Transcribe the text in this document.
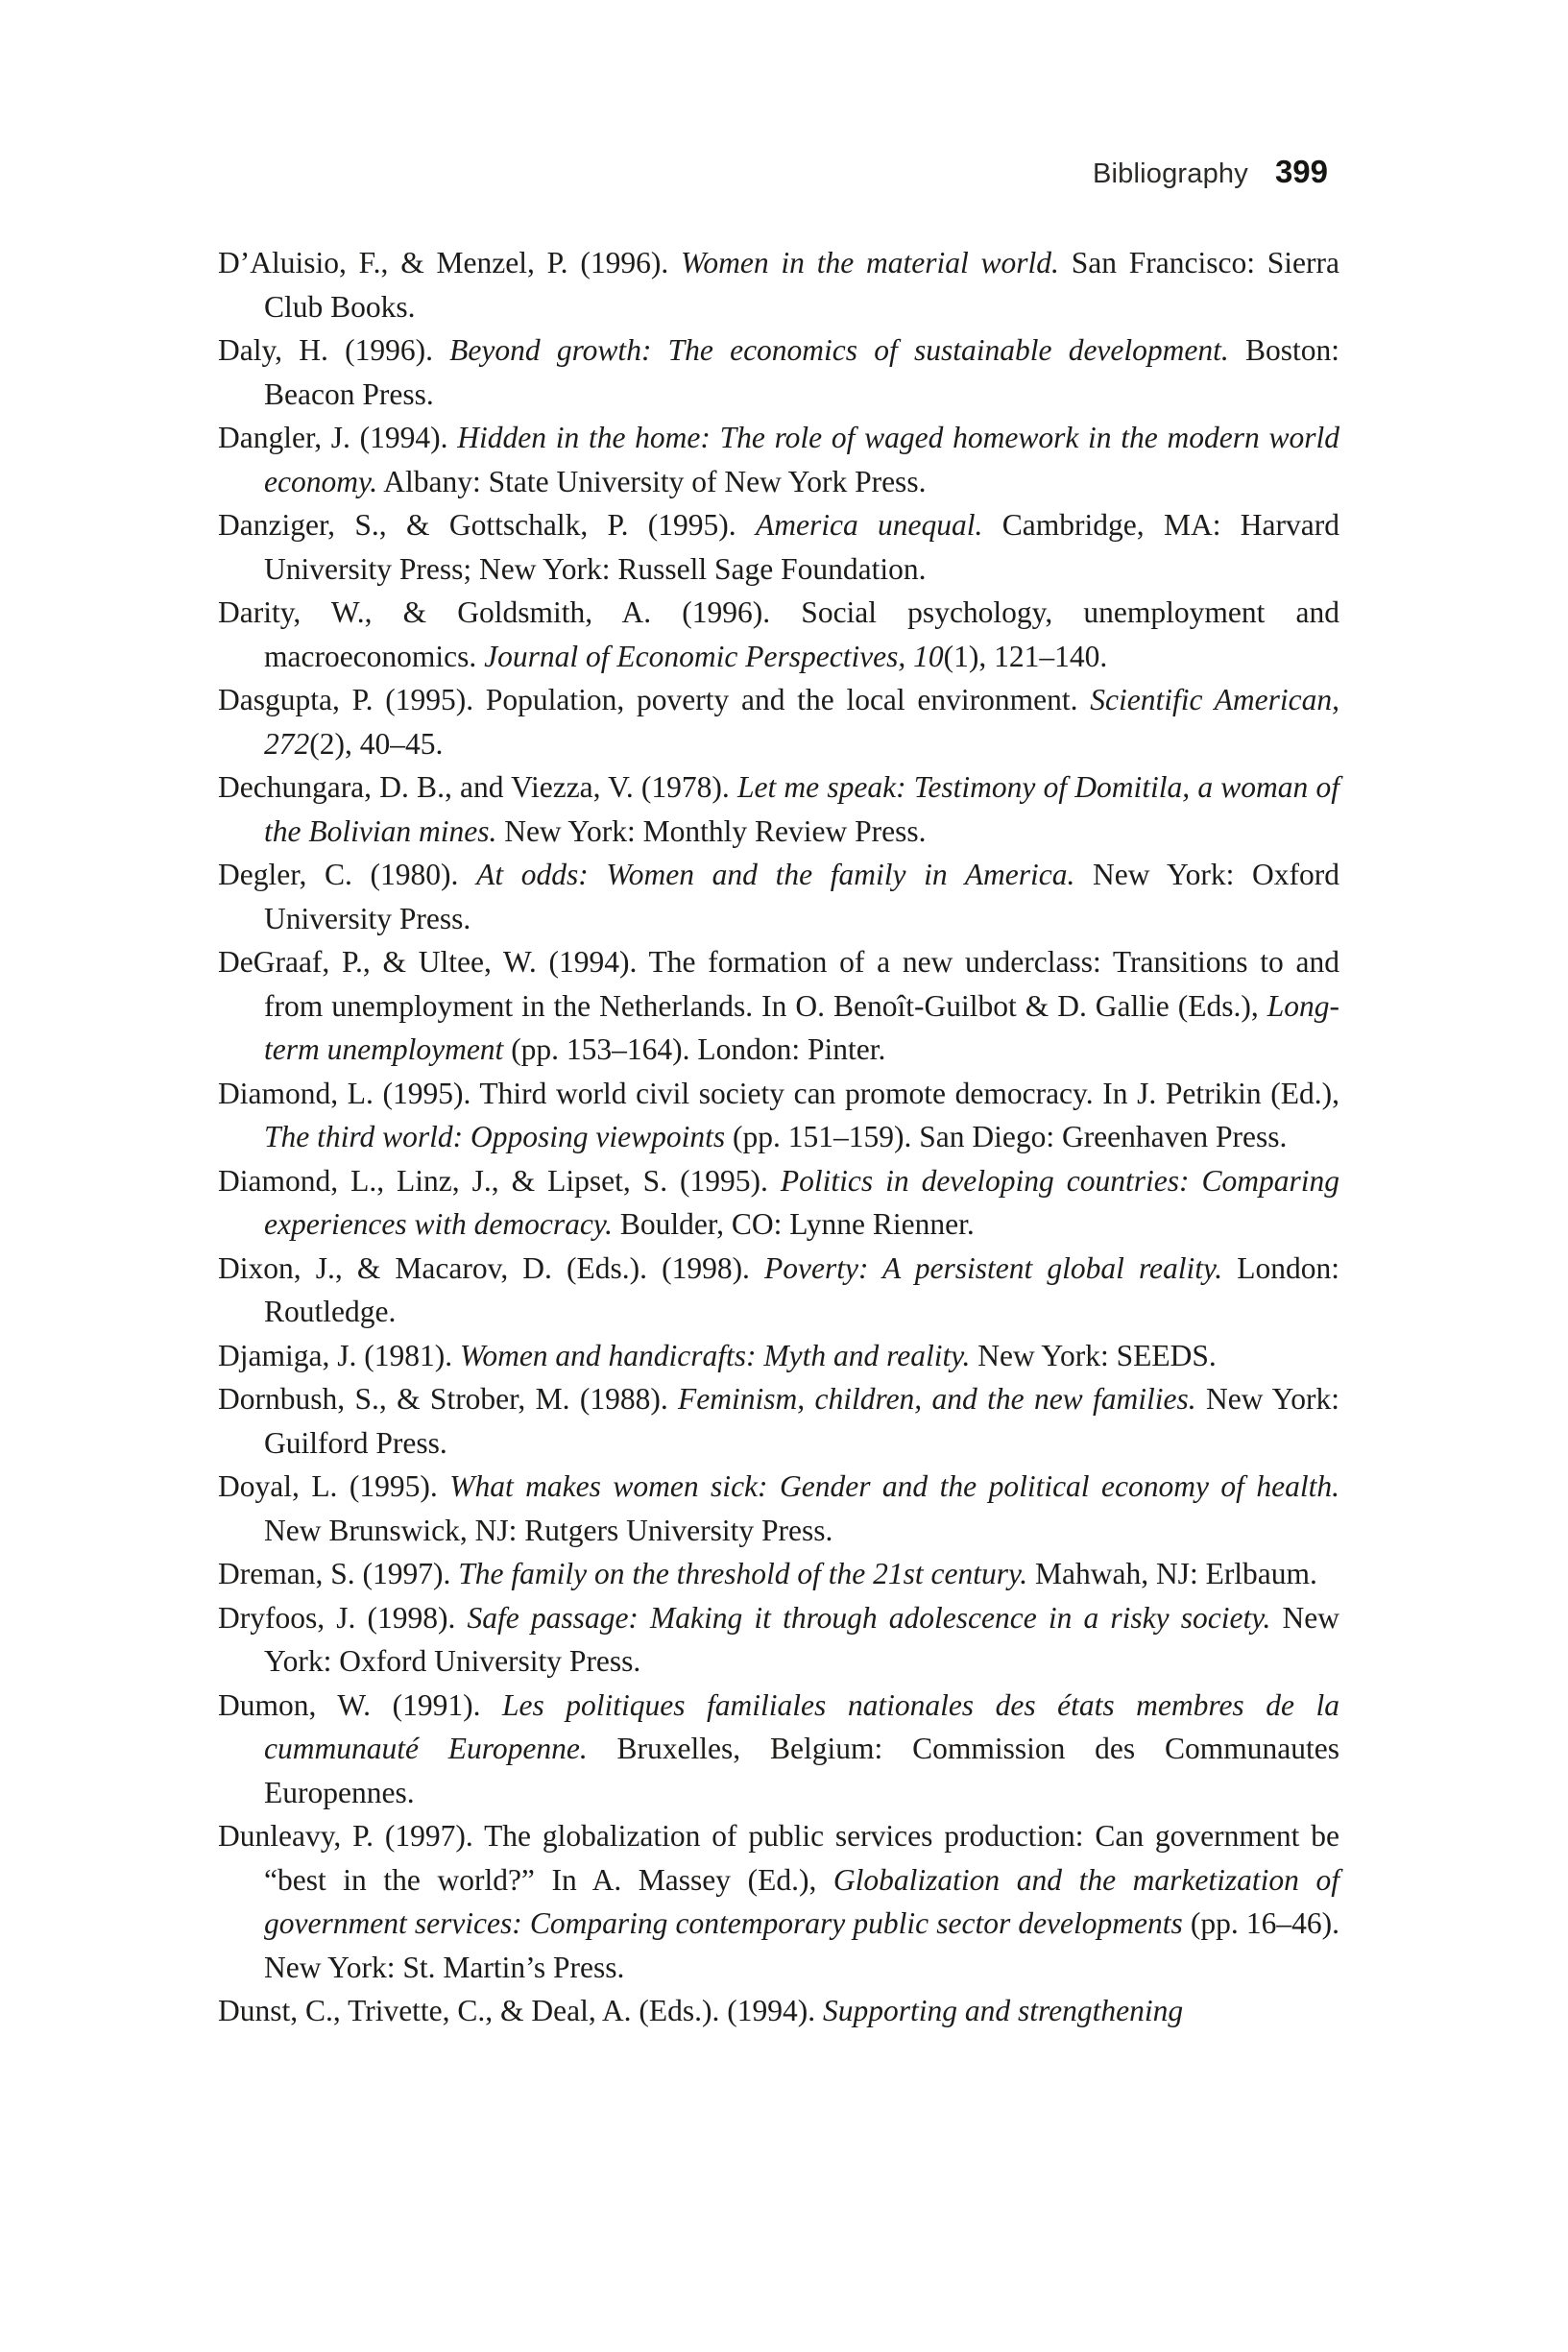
Bibliography 399

D’Aluisio, F., & Menzel, P. (1996). Women in the material world. San Francisco: Sierra Club Books.

Daly, H. (1996). Beyond growth: The economics of sustainable development. Boston: Beacon Press.

Dangler, J. (1994). Hidden in the home: The role of waged homework in the modern world economy. Albany: State University of New York Press.

Danziger, S., & Gottschalk, P. (1995). America unequal. Cambridge, MA: Harvard University Press; New York: Russell Sage Foundation.

Darity, W., & Goldsmith, A. (1996). Social psychology, unemployment and macroeconomics. Journal of Economic Perspectives, 10(1), 121–140.

Dasgupta, P. (1995). Population, poverty and the local environment. Scientific American, 272(2), 40–45.

Dechungara, D. B., and Viezza, V. (1978). Let me speak: Testimony of Domitila, a woman of the Bolivian mines. New York: Monthly Review Press.

Degler, C. (1980). At odds: Women and the family in America. New York: Oxford University Press.

DeGraaf, P., & Ultee, W. (1994). The formation of a new underclass: Transitions to and from unemployment in the Netherlands. In O. Benoît-Guilbot & D. Gallie (Eds.), Long-term unemployment (pp. 153–164). London: Pinter.

Diamond, L. (1995). Third world civil society can promote democracy. In J. Petrikin (Ed.), The third world: Opposing viewpoints (pp. 151–159). San Diego: Greenhaven Press.

Diamond, L., Linz, J., & Lipset, S. (1995). Politics in developing countries: Comparing experiences with democracy. Boulder, CO: Lynne Rienner.

Dixon, J., & Macarov, D. (Eds.). (1998). Poverty: A persistent global reality. London: Routledge.

Djamiga, J. (1981). Women and handicrafts: Myth and reality. New York: SEEDS.

Dornbush, S., & Strober, M. (1988). Feminism, children, and the new families. New York: Guilford Press.

Doyal, L. (1995). What makes women sick: Gender and the political economy of health. New Brunswick, NJ: Rutgers University Press.

Dreman, S. (1997). The family on the threshold of the 21st century. Mahwah, NJ: Erlbaum.

Dryfoos, J. (1998). Safe passage: Making it through adolescence in a risky society. New York: Oxford University Press.

Dumon, W. (1991). Les politiques familiales nationales des états membres de la cummunauté Europenne. Bruxelles, Belgium: Commission des Communautes Europennes.

Dunleavy, P. (1997). The globalization of public services production: Can government be “best in the world?” In A. Massey (Ed.), Globalization and the marketization of government services: Comparing contemporary public sector developments (pp. 16–46). New York: St. Martin’s Press.

Dunst, C., Trivette, C., & Deal, A. (Eds.). (1994). Supporting and strengthening
